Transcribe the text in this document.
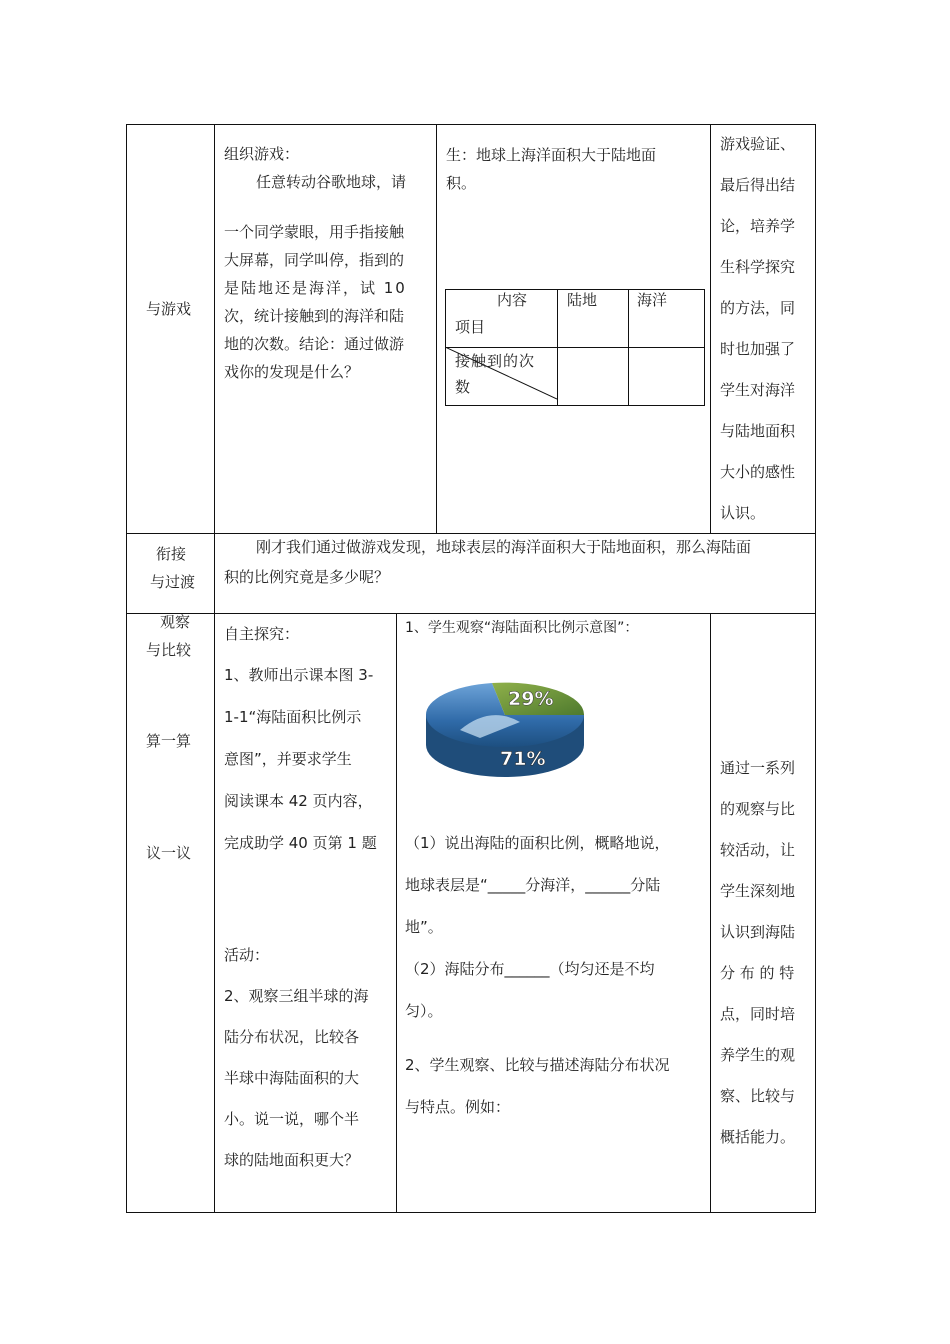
与游戏
组织游戏：
任意转动谷歌地球，请
一个同学蒙眼，用手指接触
大屏幕，同学叫停，指到的
是陆地还是海洋，试 10
次，统计接触到的海洋和陆
地的次数。结论：通过做游
戏你的发现是什么？
生：地球上海洋面积大于陆地面
积。
内容
项目
陆地	海洋
接触到的次
数
游戏验证、
最后得出结
论，培养学
生科学探究
的方法，同
时也加强了
学生对海洋
与陆地面积
大小的感性
认识。
衔接
与过渡
刚才我们通过做游戏发现，地球表层的海洋面积大于陆地面积，那么海陆面
积的比例究竟是多少呢？
观察
与比较
算一算
议一议
自主探究：
1、教师出示课本图 3-
1-1“海陆面积比例示
意图”，并要求学生
阅读课本 42 页内容，
完成助学 40 页第 1 题
活动：
2、观察三组半球的海
陆分布状况，比较各
半球中海陆面积的大
小。说一说，哪个半
球的陆地面积更大？
1、学生观察“海陆面积比例示意图”：
29%
71%
（1）说出海陆的面积比例，概略地说，
地球表层是“_____分海洋，______分陆
地”。
（2）海陆分布______（均匀还是不均
匀）。
2、学生观察、比较与描述海陆分布状况
与特点。例如：
通过一系列
的观察与比
较活动，让
学生深刻地
认识到海陆
分 布 的 特
点，同时培
养学生的观
察、比较与
概括能力。
